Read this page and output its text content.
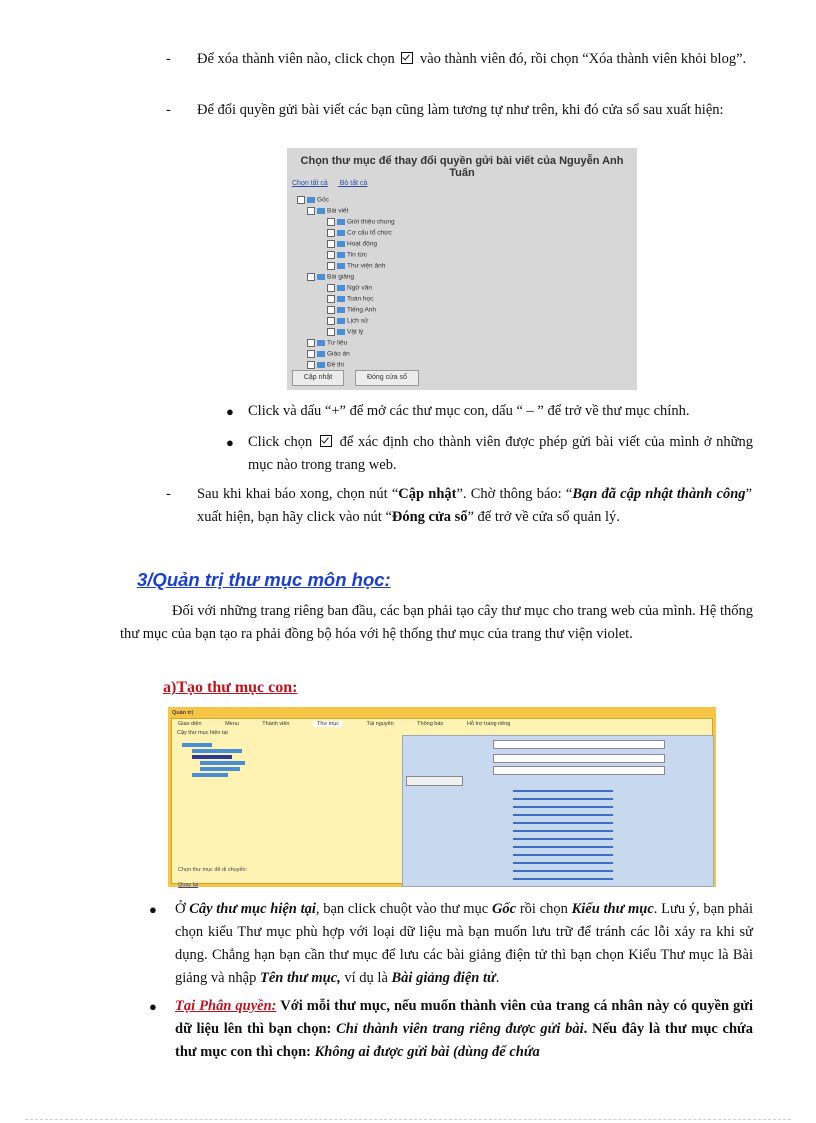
- Để xóa thành viên nào, click chọn vào thành viên đó, rồi chọn “Xóa thành viên khỏi blog”.
- Để đổi quyền gửi bài viết các bạn cũng làm tương tự như trên, khi đó cửa sổ sau xuất hiện:
Chọn thư mục để thay đổi quyền gửi bài viết của Nguyễn Anh Tuấn
Chọn tất cả Bỏ tất cả
Gốc
Bài viết
Giới thiệu chung
Cơ cấu tổ chức
Hoạt động
Tin tức
Thư viện ảnh
Bài giảng
Ngữ văn
Toán học
Tiếng Anh
Lịch sử
Vật lý
Tư liệu
Giáo án
Đề thi
Cập nhật	Đóng cửa sổ
● Click và dấu “+” để mở các thư mục con, dấu “ – ” để trở về thư mục chính.
● Click chọn để xác định cho thành viên được phép gửi bài viết của mình ở những mục nào trong trang web.
- Sau khi khai báo xong, chọn nút “Cập nhật”. Chờ thông báo: “Bạn đã cập nhật thành công” xuất hiện, bạn hãy click vào nút “Đóng cửa sổ” để trở về cửa sổ quản lý.
3/Quản trị thư mục môn học:
Đối với những trang riêng ban đầu, các bạn phải tạo cây thư mục cho trang web của mình. Hệ thống thư mục của bạn tạo ra phải đồng bộ hóa với hệ thống thư mục của trang thư viện violet.
a)Tạo thư mục con:
Quản trị
Giao diện	Menu	Thành viên	Thư mục	Tài nguyên	Thông báo	Hỗ trợ trang riêng
Cây thư mục hiện tại
Chọn thư mục để di chuyển:
Quay lại
● Ở Cây thư mục hiện tại, bạn click chuột vào thư mục Gốc rồi chọn Kiểu thư mục. Lưu ý, bạn phải chọn kiểu Thư mục phù hợp với loại dữ liệu mà bạn muốn lưu trữ để tránh các lỗi xảy ra khi sử dụng. Chẳng hạn bạn cần thư mục để lưu các bài giảng điện tử thì bạn chọn Kiểu Thư mục là Bài giảng và nhập Tên thư mục, ví dụ là Bài giảng điện tử.
● Tại Phân quyền: Với mỗi thư mục, nếu muốn thành viên của trang cá nhân này có quyền gửi dữ liệu lên thì bạn chọn: Chỉ thành viên trang riêng được gửi bài. Nếu đây là thư mục chứa thư mục con thì chọn: Không ai được gửi bài (dùng để chứa
